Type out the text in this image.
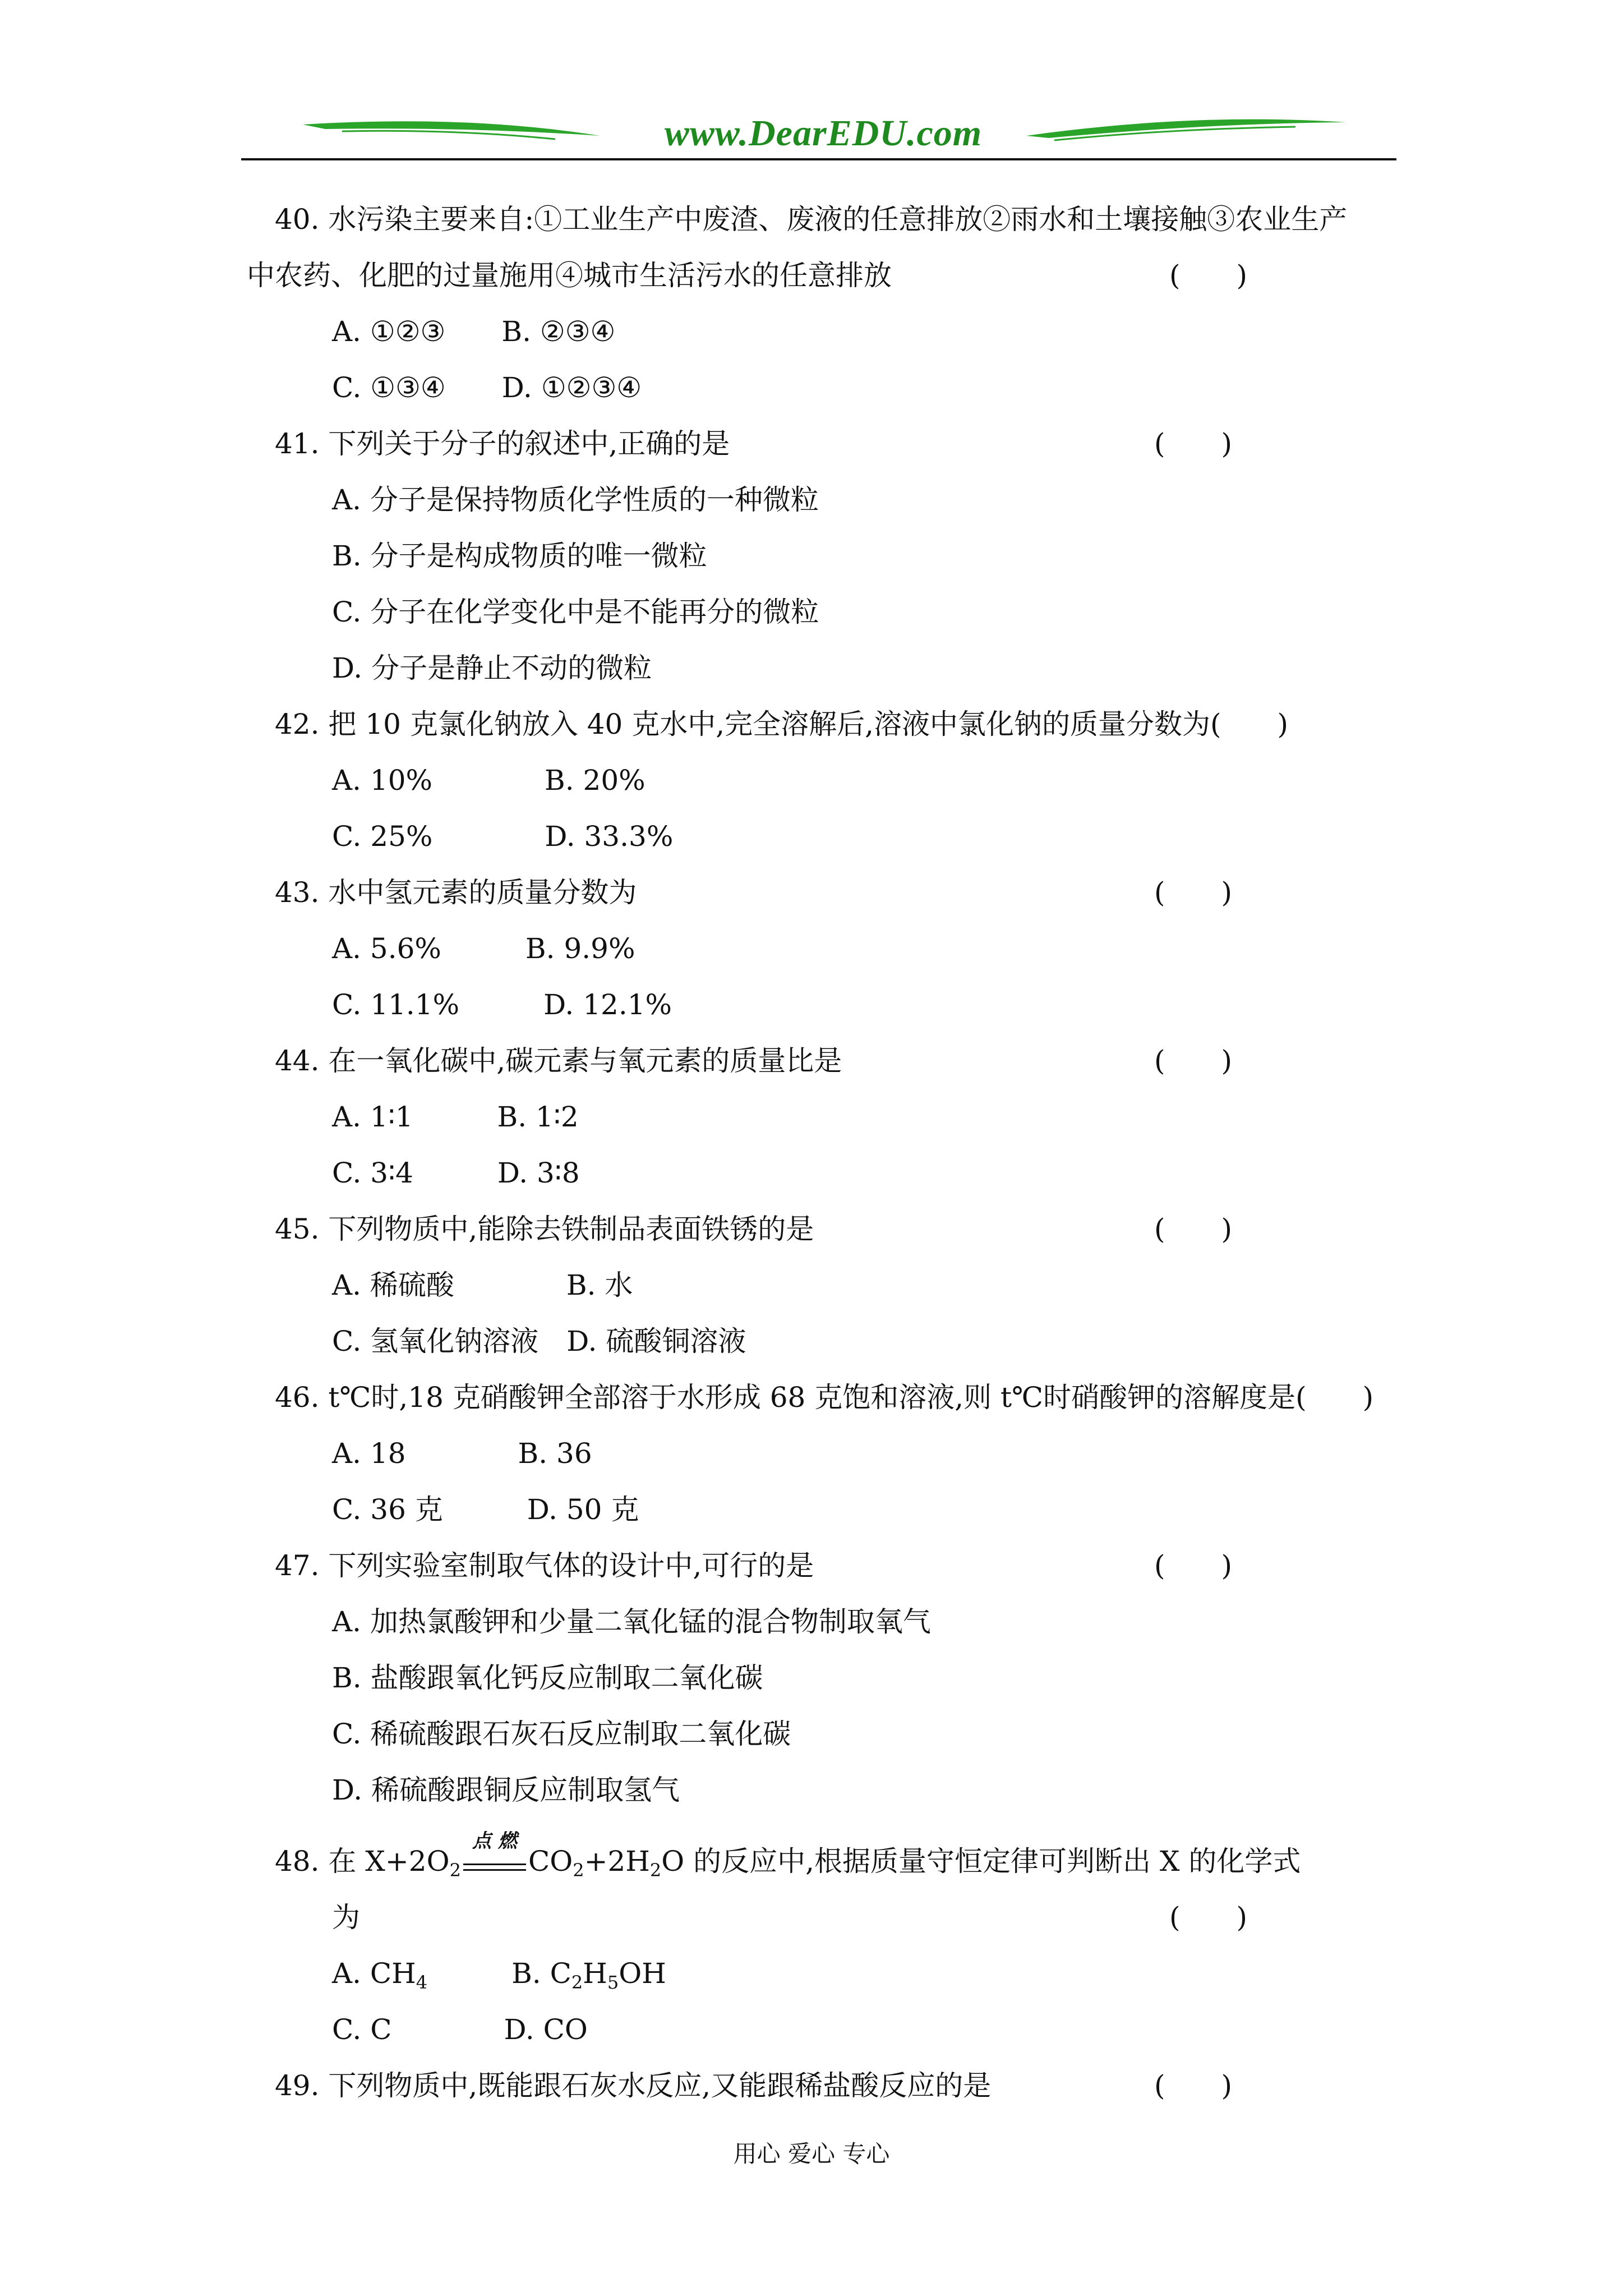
www.DearEDU.com
40. 水污染主要来自:①工业生产中废渣、废液的任意排放②雨水和土壤接触③农业生产
中农药、化肥的过量施用④城市生活污水的任意排放	(　　)
A. ①②③　　B. ②③④
C. ①③④　　D. ①②③④
41. 下列关于分子的叙述中,正确的是	(　　)
A. 分子是保持物质化学性质的一种微粒
B. 分子是构成物质的唯一微粒
C. 分子在化学变化中是不能再分的微粒
D. 分子是静止不动的微粒
42. 把 10 克氯化钠放入 40 克水中,完全溶解后,溶液中氯化钠的质量分数为(　　)
A. 10%　　　　B. 20%
C. 25%　　　　D. 33.3%
43. 水中氢元素的质量分数为	(　　)
A. 5.6%　　　B. 9.9%
C. 11.1%　　　D. 12.1%
44. 在一氧化碳中,碳元素与氧元素的质量比是	(　　)
A. 1∶1　　　B. 1∶2
C. 3∶4　　　D. 3∶8
45. 下列物质中,能除去铁制品表面铁锈的是	(　　)
A. 稀硫酸　　　　B. 水
C. 氢氧化钠溶液　D. 硫酸铜溶液
46. t℃时,18 克硝酸钾全部溶于水形成 68 克饱和溶液,则 t℃时硝酸钾的溶解度是(　　)
A. 18　　　　B. 36
C. 36 克　　　D. 50 克
47. 下列实验室制取气体的设计中,可行的是	(　　)
A. 加热氯酸钾和少量二氧化锰的混合物制取氧气
B. 盐酸跟氧化钙反应制取二氧化碳
C. 稀硫酸跟石灰石反应制取二氧化碳
D. 稀硫酸跟铜反应制取氢气
48. 在 $X+2O_2$
点 燃
$CO_2+2H_2O$ 的反应中,根据质量守恒定律可判断出 X 的化学式
为	(　　)
A. $CH_4$	B. $C_2H_5OH$
C. C　　　　D. CO
49. 下列物质中,既能跟石灰水反应,又能跟稀盐酸反应的是	(　　)
用心 爱心 专心
